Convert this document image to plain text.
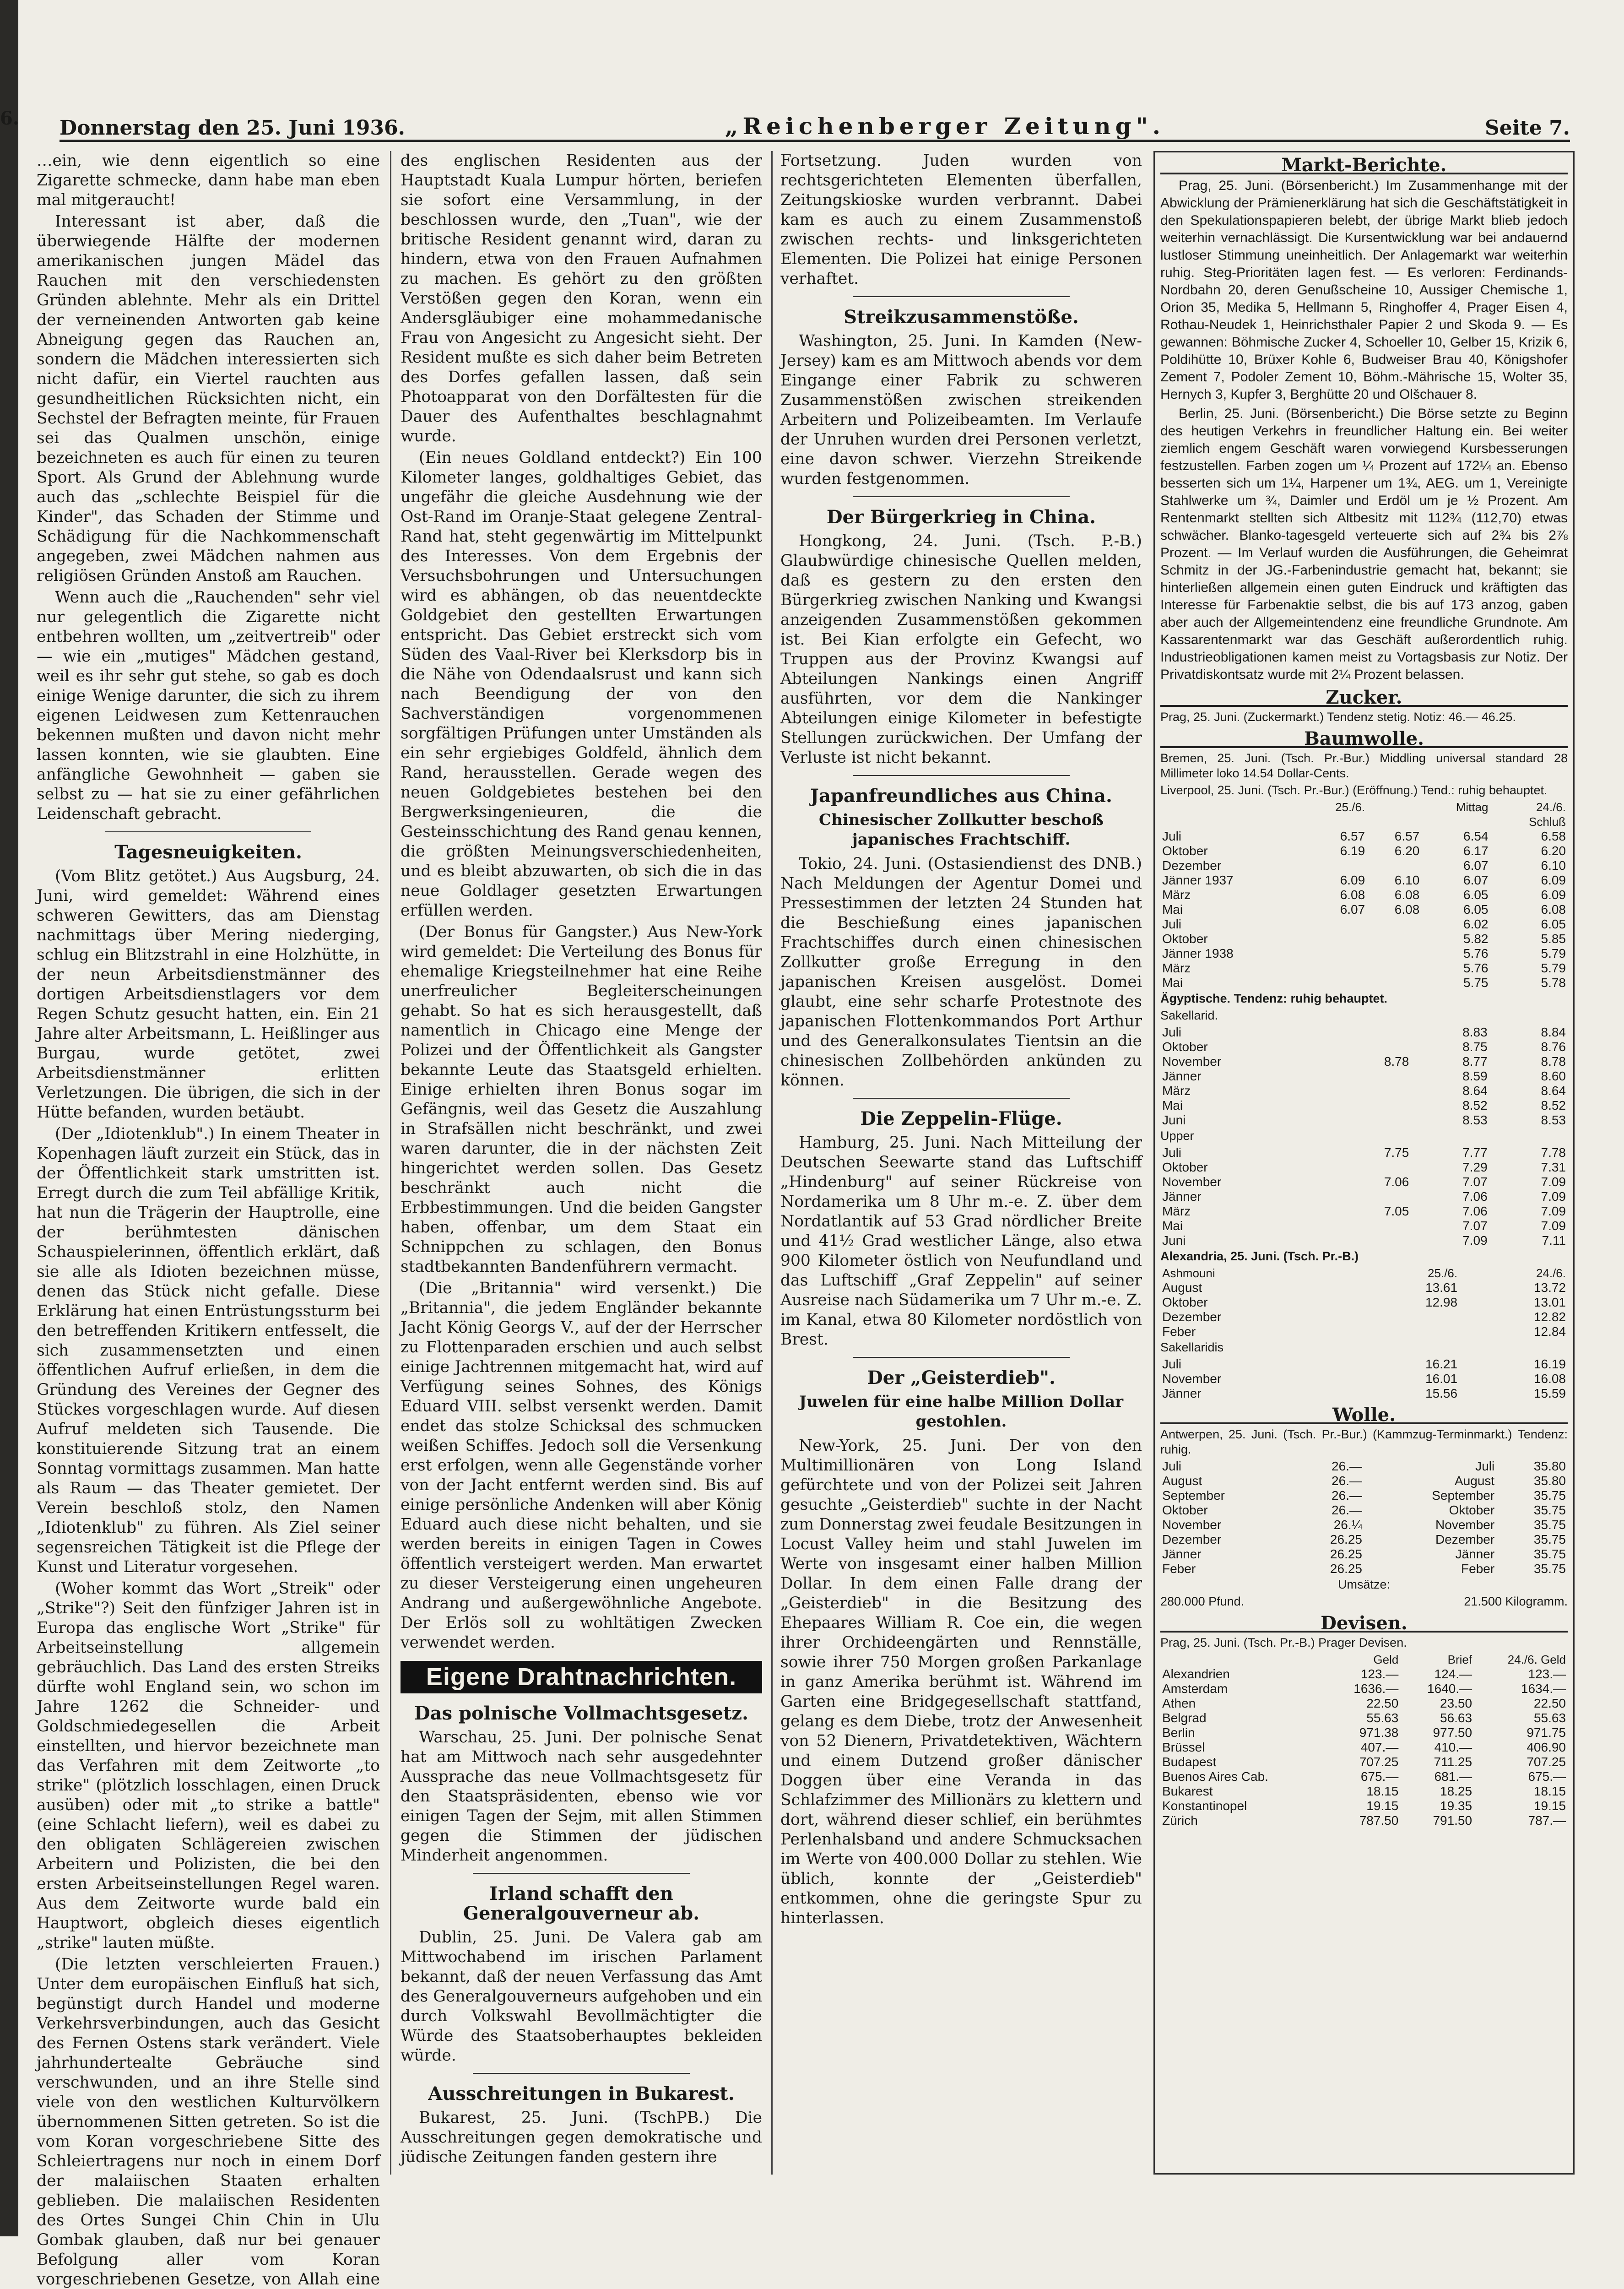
6. Donnerstag den 25. Juni 1936.	„Reichenberger Zeitung".	Seite 7.

…ein, wie denn eigentlich so eine Zigarette schmecke, dann habe man eben mal mitgeraucht!

Interessant ist aber, daß die überwiegende Hälfte der modernen amerikanischen jungen Mädel das Rauchen mit den verschiedensten Gründen ablehnte. Mehr als ein Drittel der verneinenden Antworten gab keine Abneigung gegen das Rauchen an, sondern die Mädchen interessierten sich nicht dafür, ein Viertel rauchten aus gesundheitlichen Rücksichten nicht, ein Sechstel der Befragten meinte, für Frauen sei das Qualmen unschön, einige bezeichneten es auch für einen zu teuren Sport. Als Grund der Ablehnung wurde auch das „schlechte Beispiel für die Kinder", das Schaden der Stimme und Schädigung für die Nachkommenschaft angegeben, zwei Mädchen nahmen aus religiösen Gründen Anstoß am Rauchen.

Wenn auch die „Rauchenden" sehr viel nur gelegentlich die Zigarette nicht entbehren wollten, um „zeitvertreib" oder — wie ein „mutiges" Mädchen gestand, weil es ihr sehr gut stehe, so gab es doch einige Wenige darunter, die sich zu ihrem eigenen Leidwesen zum Kettenrauchen bekennen mußten und davon nicht mehr lassen konnten, wie sie glaubten. Eine anfängliche Gewohnheit — gaben sie selbst zu — hat sie zu einer gefährlichen Leidenschaft gebracht.

Tagesneuigkeiten.

(Vom Blitz getötet.) Aus Augsburg, 24. Juni, wird gemeldet: Während eines schweren Gewitters, das am Dienstag nachmittags über Mering niederging, schlug ein Blitzstrahl in eine Holzhütte, in der neun Arbeitsdienstmänner des dortigen Arbeitsdienstlagers vor dem Regen Schutz gesucht hatten, ein. Ein 21 Jahre alter Arbeitsmann, L. Heißlinger aus Burgau, wurde getötet, zwei Arbeitsdienstmänner erlitten Verletzungen. Die übrigen, die sich in der Hütte befanden, wurden betäubt.

(Der „Idiotenklub".) In einem Theater in Kopenhagen läuft zurzeit ein Stück, das in der Öffentlichkeit stark umstritten ist. Erregt durch die zum Teil abfällige Kritik, hat nun die Trägerin der Hauptrolle, eine der berühmtesten dänischen Schauspielerinnen, öffentlich erklärt, daß sie alle als Idioten bezeichnen müsse, denen das Stück nicht gefalle. Diese Erklärung hat einen Entrüstungssturm bei den betreffenden Kritikern entfesselt, die sich zusammensetzten und einen öffentlichen Aufruf erließen, in dem die Gründung des Vereines der Gegner des Stückes vorgeschlagen wurde. Auf diesen Aufruf meldeten sich Tausende. Die konstituierende Sitzung trat an einem Sonntag vormittags zusammen. Man hatte als Raum — das Theater gemietet. Der Verein beschloß stolz, den Namen „Idiotenklub" zu führen. Als Ziel seiner segensreichen Tätigkeit ist die Pflege der Kunst und Literatur vorgesehen.

(Woher kommt das Wort „Streik" oder „Strike"?) Seit den fünfziger Jahren ist in Europa das englische Wort „Strike" für Arbeitseinstellung allgemein gebräuchlich. Das Land des ersten Streiks dürfte wohl England sein, wo schon im Jahre 1262 die Schneider- und Goldschmiedegesellen die Arbeit einstellten, und hiervor bezeichnete man das Verfahren mit dem Zeitworte „to strike" (plötzlich losschlagen, einen Druck ausüben) oder mit „to strike a battle" (eine Schlacht liefern), weil es dabei zu den obligaten Schlägereien zwischen Arbeitern und Polizisten, die bei den ersten Arbeitseinstellungen Regel waren. Aus dem Zeitworte wurde bald ein Hauptwort, obgleich dieses eigentlich „strike" lauten müßte.

(Die letzten verschleierten Frauen.) Unter dem europäischen Einfluß hat sich, begünstigt durch Handel und moderne Verkehrsverbindungen, auch das Gesicht des Fernen Ostens stark verändert. Viele jahrhundertealte Gebräuche sind verschwunden, und an ihre Stelle sind viele von den westlichen Kulturvölkern übernommenen Sitten getreten. So ist die vom Koran vorgeschriebene Sitte des Schleiertragens nur noch in einem Dorf der malaiischen Staaten erhalten geblieben. Die malaiischen Residenten des Ortes Sungei Chin Chin in Ulu Gombak glauben, daß nur bei genauer Befolgung aller vom Koran vorgeschriebenen Gesetze, von Allah eine

des englischen Residenten aus der Hauptstadt Kuala Lumpur hörten, beriefen sie sofort eine Versammlung, in der beschlossen wurde, den „Tuan", wie der britische Resident genannt wird, daran zu hindern, etwa von den Frauen Aufnahmen zu machen. Es gehört zu den größten Verstößen gegen den Koran, wenn ein Andersgläubiger eine mohammedanische Frau von Angesicht zu Angesicht sieht. Der Resident mußte es sich daher beim Betreten des Dorfes gefallen lassen, daß sein Photoapparat von den Dorfältesten für die Dauer des Aufenthaltes beschlagnahmt wurde.

(Ein neues Goldland entdeckt?) Ein 100 Kilometer langes, goldhaltiges Gebiet, das ungefähr die gleiche Ausdehnung wie der Ost-Rand im Oranje-Staat gelegene Zentral-Rand hat, steht gegenwärtig im Mittelpunkt des Interesses. Von dem Ergebnis der Versuchsbohrungen und Untersuchungen wird es abhängen, ob das neuentdeckte Goldgebiet den gestellten Erwartungen entspricht. Das Gebiet erstreckt sich vom Süden des Vaal-River bei Klerksdorp bis in die Nähe von Odendaalsrust und kann sich nach Beendigung der von den Sachverständigen vorgenommenen sorgfältigen Prüfungen unter Umständen als ein sehr ergiebiges Goldfeld, ähnlich dem Rand, herausstellen. Gerade wegen des neuen Goldgebietes bestehen bei den Bergwerksingenieuren, die die Gesteinsschichtung des Rand genau kennen, die größten Meinungsverschiedenheiten, und es bleibt abzuwarten, ob sich die in das neue Goldlager gesetzten Erwartungen erfüllen werden.

(Der Bonus für Gangster.) Aus New-York wird gemeldet: Die Verteilung des Bonus für ehemalige Kriegsteilnehmer hat eine Reihe unerfreulicher Begleiterscheinungen gehabt. So hat es sich herausgestellt, daß namentlich in Chicago eine Menge der Polizei und der Öffentlichkeit als Gangster bekannte Leute das Staatsgeld erhielten. Einige erhielten ihren Bonus sogar im Gefängnis, weil das Gesetz die Auszahlung in Strafsällen nicht beschränkt, und zwei waren darunter, die in der nächsten Zeit hingerichtet werden sollen. Das Gesetz beschränkt auch nicht die Erbbestimmungen. Und die beiden Gangster haben, offenbar, um dem Staat ein Schnippchen zu schlagen, den Bonus stadtbekannten Bandenführern vermacht.

(Die „Britannia" wird versenkt.) Die „Britannia", die jedem Engländer bekannte Jacht König Georgs V., auf der der Herrscher zu Flottenparaden erschien und auch selbst einige Jachtrennen mitgemacht hat, wird auf Verfügung seines Sohnes, des Königs Eduard VIII. selbst versenkt werden. Damit endet das stolze Schicksal des schmucken weißen Schiffes. Jedoch soll die Versenkung erst erfolgen, wenn alle Gegenstände vorher von der Jacht entfernt werden sind. Bis auf einige persönliche Andenken will aber König Eduard auch diese nicht behalten, und sie werden bereits in einigen Tagen in Cowes öffentlich versteigert werden. Man erwartet zu dieser Versteigerung einen ungeheuren Andrang und außergewöhnliche Angebote. Der Erlös soll zu wohltätigen Zwecken verwendet werden.

Eigene Drahtnachrichten.
Das polnische Vollmachtsgesetz.

Warschau, 25. Juni. Der polnische Senat hat am Mittwoch nach sehr ausgedehnter Aussprache das neue Vollmachtsgesetz für den Staatspräsidenten, ebenso wie vor einigen Tagen der Sejm, mit allen Stimmen gegen die Stimmen der jüdischen Minderheit angenommen.

Irland schafft den Generalgouverneur ab.

Dublin, 25. Juni. De Valera gab am Mittwochabend im irischen Parlament bekannt, daß der neuen Verfassung das Amt des Generalgouverneurs aufgehoben und ein durch Volkswahl Bevollmächtigter die Würde des Staatsoberhauptes bekleiden würde.

Ausschreitungen in Bukarest.

Bukarest, 25. Juni. (TschPB.) Die Ausschreitungen gegen demokratische und jüdische Zeitungen fanden gestern ihre

Fortsetzung. Juden wurden von rechtsgerichteten Elementen überfallen, Zeitungskioske wurden verbrannt. Dabei kam es auch zu einem Zusammenstoß zwischen rechts- und linksgerichteten Elementen. Die Polizei hat einige Personen verhaftet.

Streikzusammenstöße.

Washington, 25. Juni. In Kamden (New-Jersey) kam es am Mittwoch abends vor dem Eingange einer Fabrik zu schweren Zusammenstößen zwischen streikenden Arbeitern und Polizeibeamten. Im Verlaufe der Unruhen wurden drei Personen verletzt, eine davon schwer. Vierzehn Streikende wurden festgenommen.

Der Bürgerkrieg in China.

Hongkong, 24. Juni. (Tsch. P.-B.) Glaubwürdige chinesische Quellen melden, daß es gestern zu den ersten den Bürgerkrieg zwischen Nanking und Kwangsi anzeigenden Zusammenstößen gekommen ist. Bei Kian erfolgte ein Gefecht, wo Truppen aus der Provinz Kwangsi auf Abteilungen Nankings einen Angriff ausführten, vor dem die Nankinger Abteilungen einige Kilometer in befestigte Stellungen zurückwichen. Der Umfang der Verluste ist nicht bekannt.

Japanfreundliches aus China.
Chinesischer Zollkutter beschoß japanisches Frachtschiff.

Tokio, 24. Juni. (Ostasiendienst des DNB.) Nach Meldungen der Agentur Domei und Pressestimmen der letzten 24 Stunden hat die Beschießung eines japanischen Frachtschiffes durch einen chinesischen Zollkutter große Erregung in den japanischen Kreisen ausgelöst. Domei glaubt, eine sehr scharfe Protestnote des japanischen Flottenkommandos Port Arthur und des Generalkonsulates Tientsin an die chinesischen Zollbehörden ankünden zu können.

Die Zeppelin-Flüge.

Hamburg, 25. Juni. Nach Mitteilung der Deutschen Seewarte stand das Luftschiff „Hindenburg" auf seiner Rückreise von Nordamerika um 8 Uhr m.-e. Z. über dem Nordatlantik auf 53 Grad nördlicher Breite und 41½ Grad westlicher Länge, also etwa 900 Kilometer östlich von Neufundland und das Luftschiff „Graf Zeppelin" auf seiner Ausreise nach Südamerika um 7 Uhr m.-e. Z. im Kanal, etwa 80 Kilometer nordöstlich von Brest.

Der „Geisterdieb".
Juwelen für eine halbe Million Dollar gestohlen.

New-York, 25. Juni. Der von den Multimillionären von Long Island gefürchtete und von der Polizei seit Jahren gesuchte „Geisterdieb" suchte in der Nacht zum Donnerstag zwei feudale Besitzungen in Locust Valley heim und stahl Juwelen im Werte von insgesamt einer halben Million Dollar. In dem einen Falle drang der „Geisterdieb" in die Besitzung des Ehepaares William R. Coe ein, die wegen ihrer Orchideengärten und Rennställe, sowie ihrer 750 Morgen großen Parkanlage in ganz Amerika berühmt ist. Während im Garten eine Bridgegesellschaft stattfand, gelang es dem Diebe, trotz der Anwesenheit von 52 Dienern, Privatdetektiven, Wächtern und einem Dutzend großer dänischer Doggen über eine Veranda in das Schlafzimmer des Millionärs zu klettern und dort, während dieser schlief, ein berühmtes Perlenhalsband und andere Schmucksachen im Werte von 400.000 Dollar zu stehlen. Wie üblich, konnte der „Geisterdieb" entkommen, ohne die geringste Spur zu hinterlassen.

Markt-Berichte.

Prag, 25. Juni. (Börsenbericht.) Im Zusammenhange mit der Abwicklung der Prämienerklärung hat sich die Geschäftstätigkeit in den Spekulationspapieren belebt, der übrige Markt blieb jedoch weiterhin vernachlässigt. Die Kursentwicklung war bei andauernd lustloser Stimmung uneinheitlich. Der Anlagemarkt war weiterhin ruhig. Steg-Prioritäten lagen fest. — Es verloren: Ferdinands-Nordbahn 20, deren Genußscheine 10, Aussiger Chemische 1, Orion 35, Medika 5, Hellmann 5, Ringhoffer 4, Prager Eisen 4, Rothau-Neudek 1, Heinrichsthaler Papier 2 und Skoda 9. — Es gewannen: Böhmische Zucker 4, Schoeller 10, Gelber 15, Krizik 6, Poldihütte 10, Brüxer Kohle 6, Budweiser Brau 40, Königshofer Zement 7, Podoler Zement 10, Böhm.-Mährische 15, Wolter 35, Hernych 3, Kupfer 3, Berghütte 20 und Olšchauer 8.

Berlin, 25. Juni. (Börsenbericht.) Die Börse setzte zu Beginn des heutigen Verkehrs in freundlicher Haltung ein. Bei weiter ziemlich engem Geschäft waren vorwiegend Kursbesserungen festzustellen. Farben zogen um ¼ Prozent auf 172¼ an. Ebenso besserten sich um 1¼, Harpener um 1¾, AEG. um 1, Vereinigte Stahlwerke um ¾, Daimler und Erdöl um je ½ Prozent. Am Rentenmarkt stellten sich Altbesitz mit 112¾ (112,70) etwas schwächer. Blanko-tagesgeld verteuerte sich auf 2¾ bis 2⅞ Prozent. — Im Verlauf wurden die Ausführungen, die Geheimrat Schmitz in der JG.-Farbenindustrie gemacht hat, bekannt; sie hinterließen allgemein einen guten Eindruck und kräftigten das Interesse für Farbenaktie selbst, die bis auf 173 anzog, gaben aber auch der Allgemeintendenz eine freundliche Grundnote. Am Kassarentenmarkt war das Geschäft außerordentlich ruhig. Industrieobligationen kamen meist zu Vortagsbasis zur Notiz. Der Privatdiskontsatz wurde mit 2¼ Prozent belassen.

Zucker.
Prag, 25. Juni. (Zuckermarkt.) Tendenz stetig. Notiz: 46.— 46.25.
Baumwolle.
Bremen, 25. Juni. (Tsch. Pr.-Bur.) Middling universal standard 28 Millimeter loko 14.54 Dollar-Cents.
Liverpool, 25. Juni. (Tsch. Pr.-Bur.) (Eröffnung.) Tend.: ruhig behauptet.
	25./6.		Mittag	24./6.
				Schluß
Juli	6.57	6.57	6.54	6.58
Oktober	6.19	6.20	6.17	6.20
Dezember			6.07	6.10
Jänner 1937	6.09	6.10	6.07	6.09
März	6.08	6.08	6.05	6.09
Mai	6.07	6.08	6.05	6.08
Juli			6.02	6.05
Oktober			5.82	5.85
Jänner 1938			5.76	5.79
März			5.76	5.79
Mai			5.75	5.78
Ägyptische. Tendenz: ruhig behauptet.
Sakellarid.
Juli		8.83	8.84
Oktober		8.75	8.76
November	8.78	8.77	8.78
Jänner		8.59	8.60
März		8.64	8.64
Mai		8.52	8.52
Juni		8.53	8.53
Upper
Juli	7.75	7.77	7.78
Oktober		7.29	7.31
November	7.06	7.07	7.09
Jänner		7.06	7.09
März	7.05	7.06	7.09
Mai		7.07	7.09
Juni		7.09	7.11
Alexandria, 25. Juni. (Tsch. Pr.-B.)
Ashmouni	25./6.	24./6.
August	13.61	13.72
Oktober	12.98	13.01
Dezember		12.82
Feber		12.84
Sakellaridis
Juli	16.21	16.19
November	16.01	16.08
Jänner	15.56	15.59
Wolle.
Antwerpen, 25. Juni. (Tsch. Pr.-Bur.) (Kammzug-Terminmarkt.) Tendenz: ruhig.
Juli	26.—	Juli	35.80
August	26.—	August	35.80
September	26.—	September	35.75
Oktober	26.—	Oktober	35.75
November	26.¼	November	35.75
Dezember	26.25	Dezember	35.75
Jänner	26.25	Jänner	35.75
Feber	26.25	Feber	35.75
Umsätze:
280.000 Pfund.	21.500 Kilogramm.
Devisen.
Prag, 25. Juni. (Tsch. Pr.-B.) Prager Devisen.
	Geld	Brief	24./6. Geld
Alexandrien	123.—	124.—	123.—
Amsterdam	1636.—	1640.—	1634.—
Athen	22.50	23.50	22.50
Belgrad	55.63	56.63	55.63
Berlin	971.38	977.50	971.75
Brüssel	407.—	410.—	406.90
Budapest	707.25	711.25	707.25
Buenos Aires Cab.	675.—	681.—	675.—
Bukarest	18.15	18.25	18.15
Konstantinopel	19.15	19.35	19.15
Zürich	787.50	791.50	787.—
